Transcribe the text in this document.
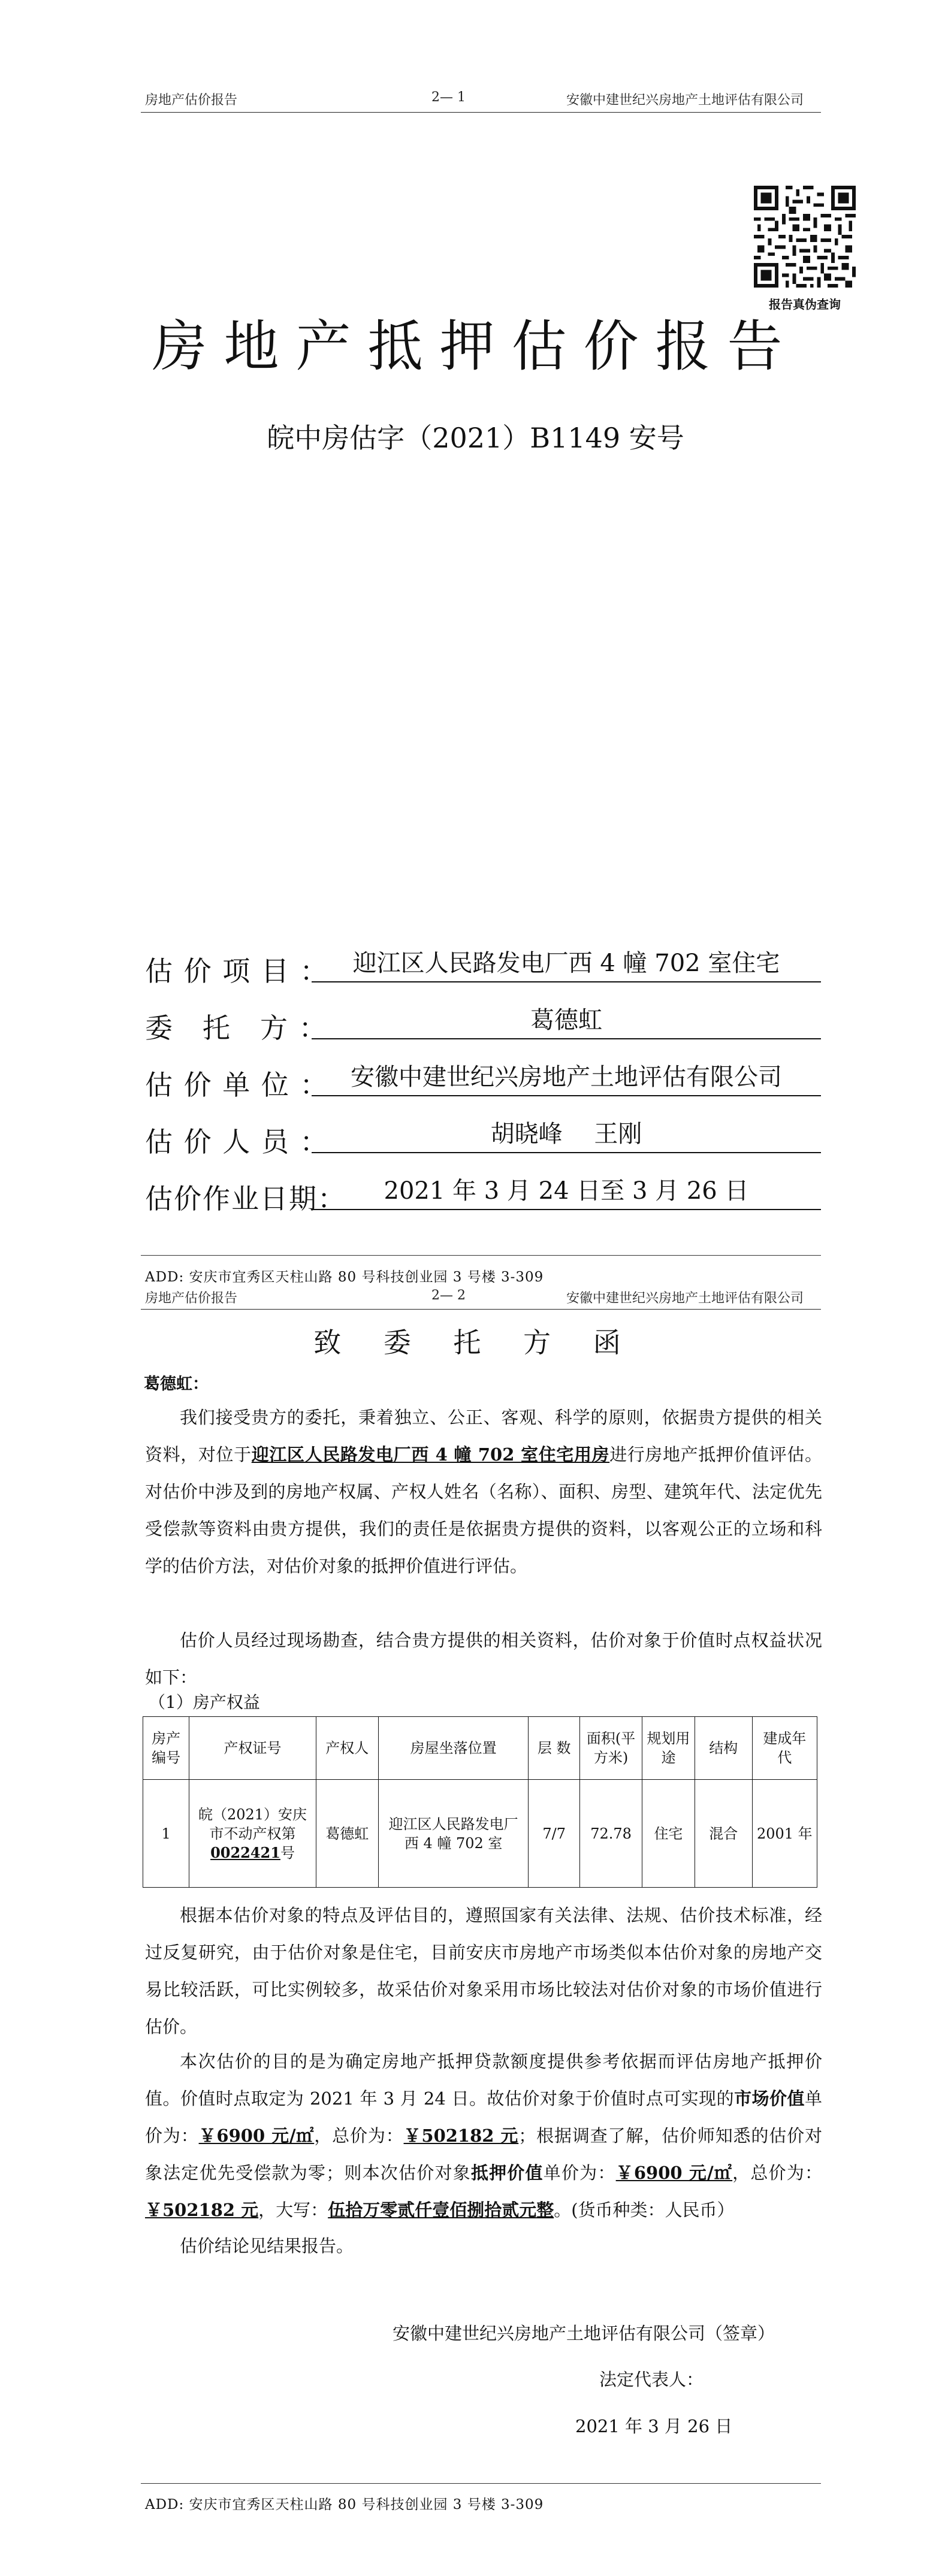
房地产估价报告	2— 1	安徽中建世纪兴房地产土地评估有限公司
报告真伪查询
房地产抵押估价报告
皖中房估字（2021）B1149 安号
估 价 项 目 ：	迎江区人民路发电厂西 4 幢 702 室住宅
委　托　方 ：	葛德虹
估 价 单 位 ： 安徽中建世纪兴房地产土地评估有限公司
估 价 人 员 ：	胡晓峰　 王刚
估价作业日期：	2021 年 3 月 24 日至 3 月 26 日
ADD: 安庆市宜秀区天柱山路 80 号科技创业园 3 号楼 3-309
房地产估价报告	2— 2	安徽中建世纪兴房地产土地评估有限公司
致 委 托 方 函
葛德虹：
我们接受贵方的委托，秉着独立、公正、客观、科学的原则，依据贵方提供的相关资料，对位于迎江区人民路发电厂西 4 幢 702 室住宅用房进行房地产抵押价值评估。对估价中涉及到的房地产权属、产权人姓名（名称）、面积、房型、建筑年代、法定优先受偿款等资料由贵方提供，我们的责任是依据贵方提供的资料，以客观公正的立场和科学的估价方法，对估价对象的抵押价值进行评估。
估价人员经过现场勘查，结合贵方提供的相关资料，估价对象于价值时点权益状况如下：
（1）房产权益
房产编号	产权证号	产权人	房屋坐落位置	层 数	面积(平方米)	规划用途	结构	建成年代
1	皖（2021）安庆市不动产权第0022421号	葛德虹	迎江区人民路发电厂西 4 幢 702 室	7/7	72.78	住宅	混合	2001 年
根据本估价对象的特点及评估目的，遵照国家有关法律、法规、估价技术标准，经过反复研究，由于估价对象是住宅，目前安庆市房地产市场类似本估价对象的房地产交易比较活跃，可比实例较多，故采估价对象采用市场比较法对估价对象的市场价值进行估价。
本次估价的目的是为确定房地产抵押贷款额度提供参考依据而评估房地产抵押价值。价值时点取定为 2021 年 3 月 24 日。故估价对象于价值时点可实现的市场价值单价为：￥6900 元/㎡，总价为：￥502182 元；根据调查了解，估价师知悉的估价对象法定优先受偿款为零；则本次估价对象抵押价值单价为：￥6900 元/㎡，总价为：￥502182 元，大写：伍拾万零贰仟壹佰捌拾贰元整。(货币种类：人民币）
估价结论见结果报告。
安徽中建世纪兴房地产土地评估有限公司（签章）
法定代表人：
2021 年 3 月 26 日
ADD: 安庆市宜秀区天柱山路 80 号科技创业园 3 号楼 3-309
